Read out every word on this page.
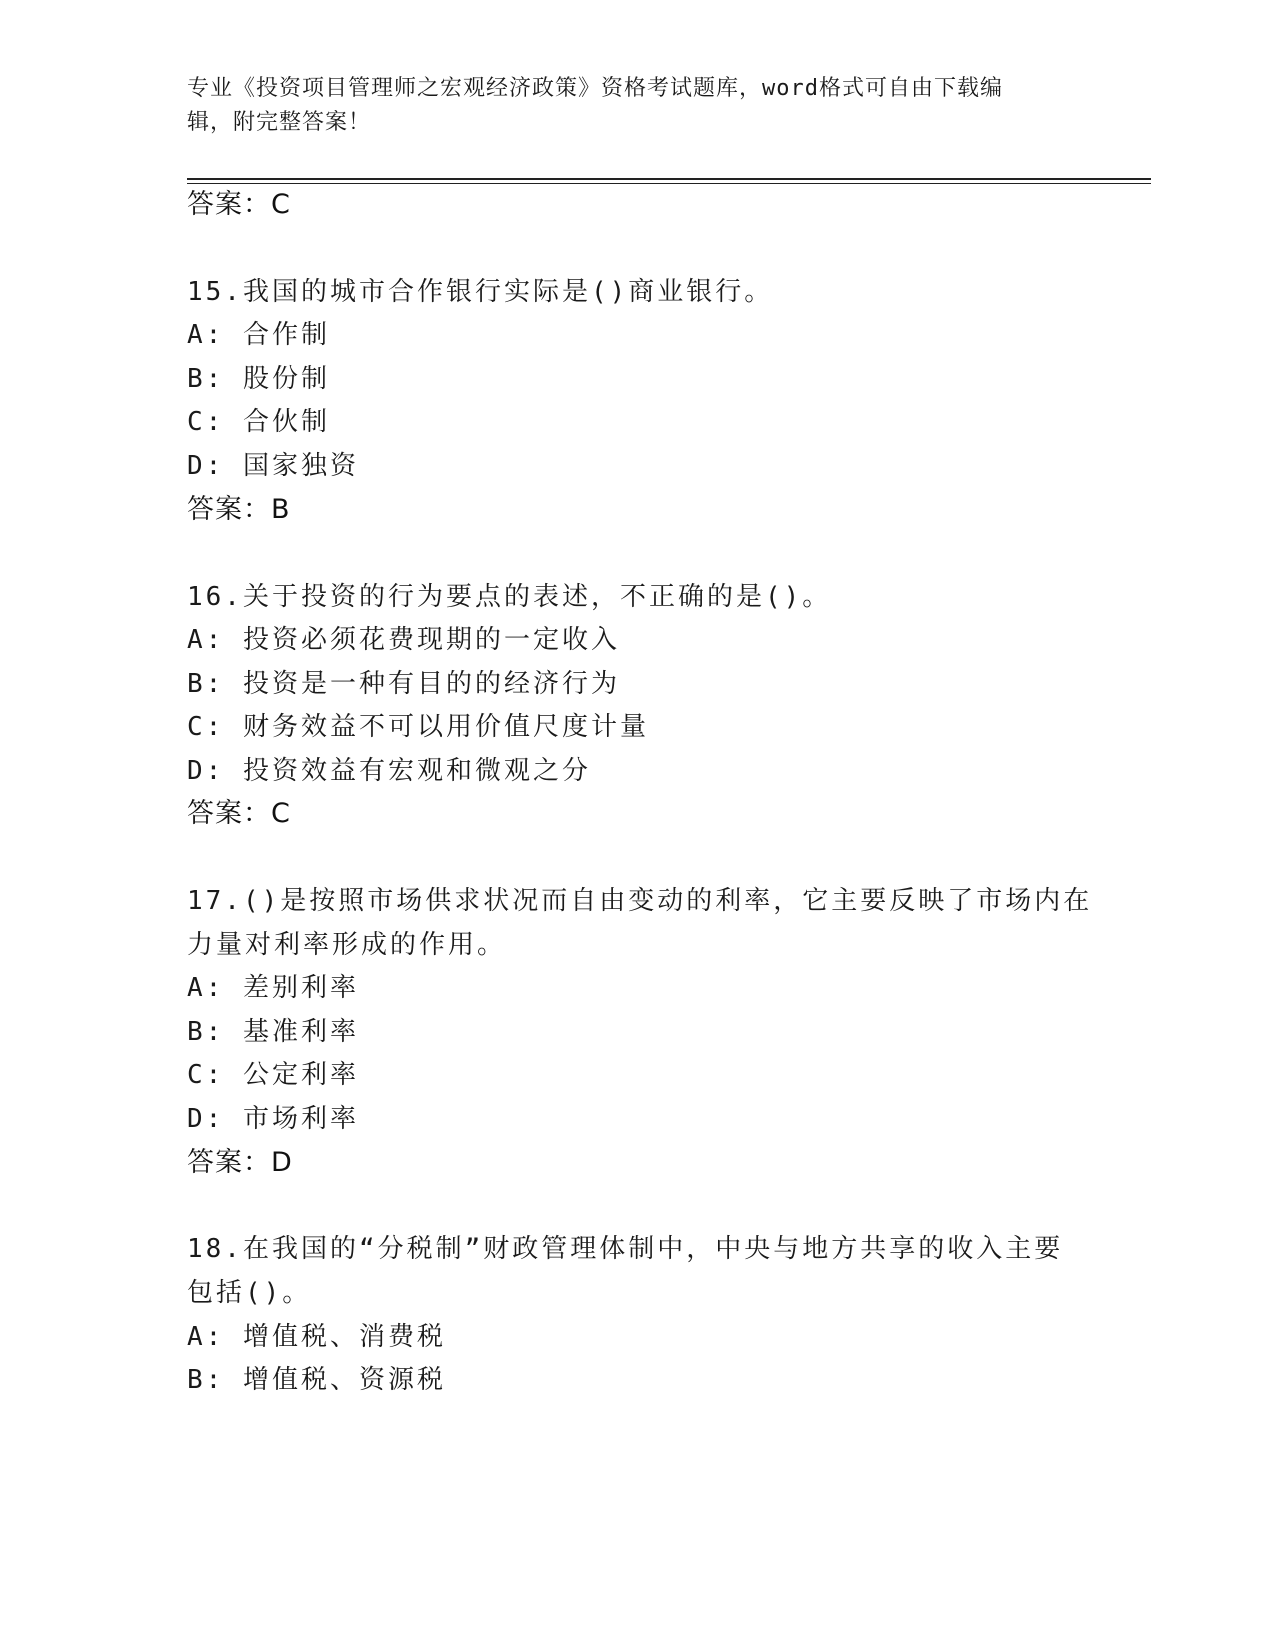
专业《投资项目管理师之宏观经济政策》资格考试题库，word格式可自由下载编
辑，附完整答案！
答案：C
15.我国的城市合作银行实际是()商业银行。
A: 合作制
B: 股份制
C: 合伙制
D: 国家独资
答案：B
16.关于投资的行为要点的表述，不正确的是()。
A: 投资必须花费现期的一定收入
B: 投资是一种有目的的经济行为
C: 财务效益不可以用价值尺度计量
D: 投资效益有宏观和微观之分
答案：C
17.()是按照市场供求状况而自由变动的利率，它主要反映了市场内在
力量对利率形成的作用。
A: 差别利率
B: 基准利率
C: 公定利率
D: 市场利率
答案：D
18.在我国的“分税制”财政管理体制中，中央与地方共享的收入主要
包括()。
A: 增值税、消费税
B: 增值税、资源税
